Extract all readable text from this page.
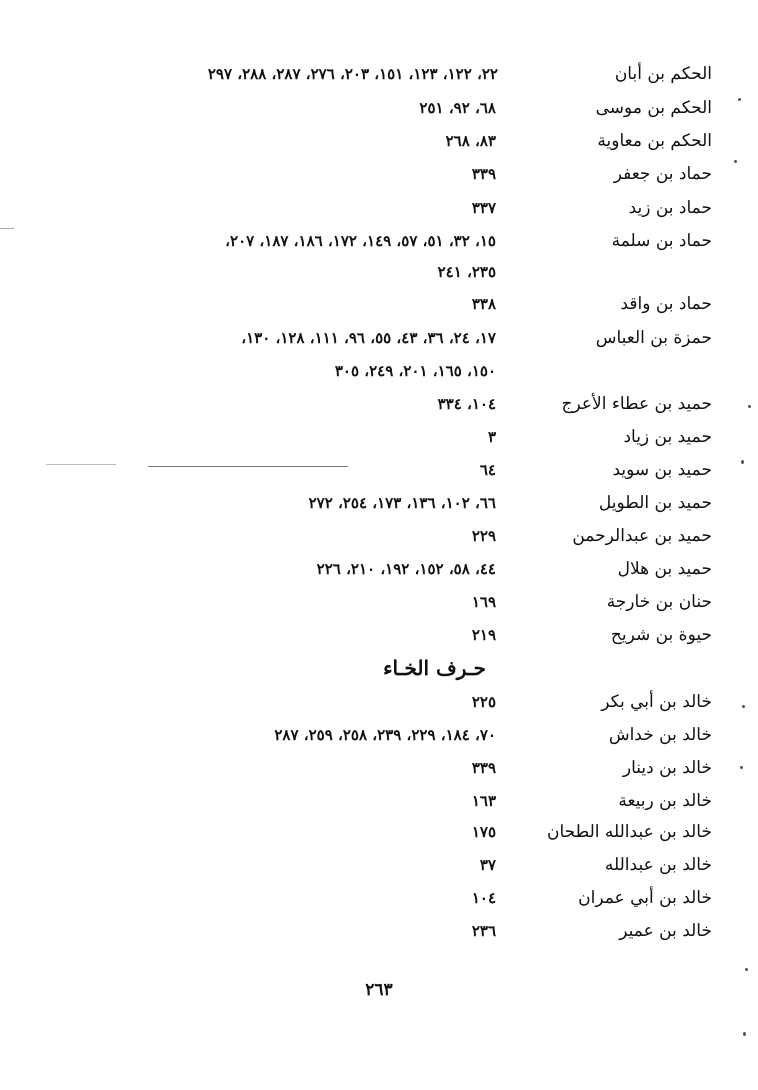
الحكم بن أبان
٢٢، ١٢٢، ١٢٣، ١٥١، ٢٠٣، ٢٧٦، ٢٨٧، ٢٨٨، ٢٩٧
الحكم بن موسى
٦٨، ٩٢، ٢٥١
الحكم بن معاوية
٨٣، ٢٦٨
حماد بن جعفر
٣٣٩
حماد بن زيد
٣٣٧
حماد بن سلمة
١٥، ٣٢، ٥١، ٥٧، ١٤٩، ١٧٢، ١٨٦، ١٨٧، ٢٠٧،
٢٣٥، ٢٤١
حماد بن واقد
٣٣٨
حمزة بن العباس
١٧، ٢٤، ٣٦، ٤٣، ٥٥، ٩٦، ١١١، ١٢٨، ١٣٠،
١٥٠، ١٦٥، ٢٠١، ٢٤٩، ٣٠٥
حميد بن عطاء الأعرج
١٠٤، ٣٣٤
حميد بن زياد
٣
حميد بن سويد
٦٤
حميد بن الطويل
٦٦، ١٠٢، ١٣٦، ١٧٣، ٢٥٤، ٢٧٢
حميد بن عبدالرحمن
٢٢٩
حميد بن هلال
٤٤، ٥٨، ١٥٢، ١٩٢، ٢١٠، ٢٢٦
حنان بن خارجة
١٦٩
حيوة بن شريح
٢١٩
حـرف الخـاء
خالد بن أبي بكر
٢٢٥
خالد بن خداش
٧٠، ١٨٤، ٢٢٩، ٢٣٩، ٢٥٨، ٢٥٩، ٢٨٧
خالد بن دينار
٣٣٩
خالد بن ربيعة
١٦٣
خالد بن عبدالله الطحان
١٧٥
خالد بن عبدالله
٣٧
خالد بن أبي عمران
١٠٤
خالد بن عمير
٢٣٦
٢٦٣
